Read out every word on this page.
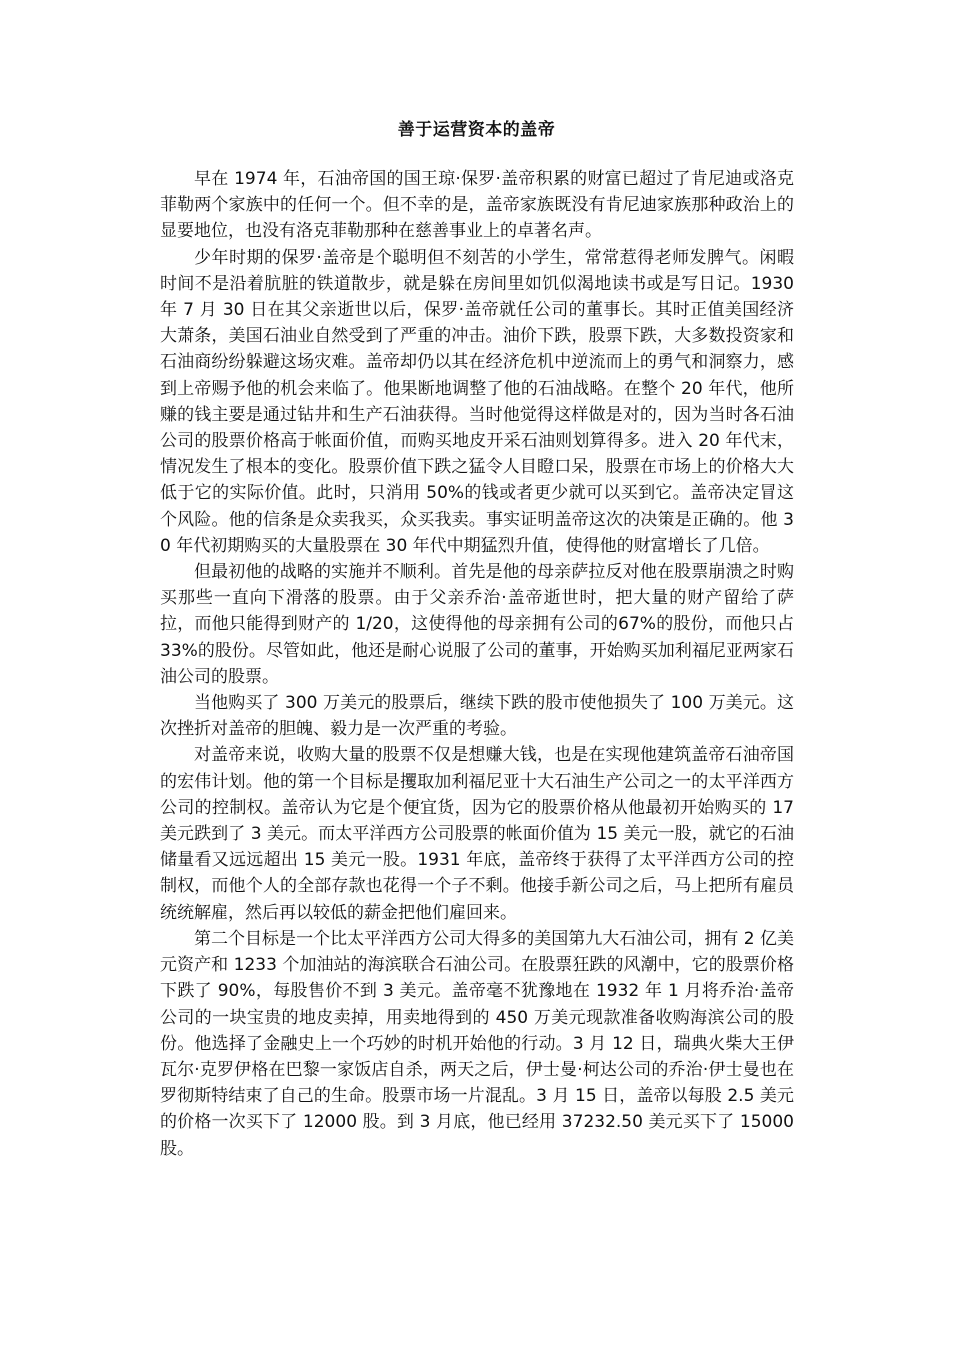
善于运营资本的盖帝

早在 1974 年，石油帝国的国王琼·保罗·盖帝积累的财富已超过了肯尼迪或洛克菲勒两个家族中的任何一个。但不幸的是，盖帝家族既没有肯尼迪家族那种政治上的显要地位，也没有洛克菲勒那种在慈善事业上的卓著名声。

少年时期的保罗·盖帝是个聪明但不刻苦的小学生，常常惹得老师发脾气。闲暇时间不是沿着肮脏的铁道散步，就是躲在房间里如饥似渴地读书或是写日记。1930 年 7 月 30 日在其父亲逝世以后，保罗·盖帝就任公司的董事长。其时正值美国经济大萧条，美国石油业自然受到了严重的冲击。油价下跌，股票下跌，大多数投资家和石油商纷纷躲避这场灾难。盖帝却仍以其在经济危机中逆流而上的勇气和洞察力，感到上帝赐予他的机会来临了。他果断地调整了他的石油战略。在整个 20 年代，他所赚的钱主要是通过钻井和生产石油获得。当时他觉得这样做是对的，因为当时各石油公司的股票价格高于帐面价值，而购买地皮开采石油则划算得多。进入 20 年代末，情况发生了根本的变化。股票价值下跌之猛令人目瞪口呆，股票在市场上的价格大大低于它的实际价值。此时，只消用 50%的钱或者更少就可以买到它。盖帝决定冒这个风险。他的信条是众卖我买，众买我卖。事实证明盖帝这次的决策是正确的。他 30 年代初期购买的大量股票在 30 年代中期猛烈升值，使得他的财富增长了几倍。

但最初他的战略的实施并不顺利。首先是他的母亲萨拉反对他在股票崩溃之时购买那些一直向下滑落的股票。由于父亲乔治·盖帝逝世时，把大量的财产留给了萨拉，而他只能得到财产的 1/20，这使得他的母亲拥有公司的67%的股份，而他只占 33%的股份。尽管如此，他还是耐心说服了公司的董事，开始购买加利福尼亚两家石油公司的股票。

当他购买了 300 万美元的股票后，继续下跌的股市使他损失了 100 万美元。这次挫折对盖帝的胆魄、毅力是一次严重的考验。

对盖帝来说，收购大量的股票不仅是想赚大钱，也是在实现他建筑盖帝石油帝国的宏伟计划。他的第一个目标是攫取加利福尼亚十大石油生产公司之一的太平洋西方公司的控制权。盖帝认为它是个便宜货，因为它的股票价格从他最初开始购买的 17 美元跌到了 3 美元。而太平洋西方公司股票的帐面价值为 15 美元一股，就它的石油储量看又远远超出 15 美元一股。1931 年底，盖帝终于获得了太平洋西方公司的控制权，而他个人的全部存款也花得一个子不剩。他接手新公司之后，马上把所有雇员统统解雇，然后再以较低的薪金把他们雇回来。

第二个目标是一个比太平洋西方公司大得多的美国第九大石油公司，拥有 2 亿美元资产和 1233 个加油站的海滨联合石油公司。在股票狂跌的风潮中，它的股票价格下跌了 90%，每股售价不到 3 美元。盖帝毫不犹豫地在 1932 年 1 月将乔治·盖帝公司的一块宝贵的地皮卖掉，用卖地得到的 450 万美元现款准备收购海滨公司的股份。他选择了金融史上一个巧妙的时机开始他的行动。3 月 12 日，瑞典火柴大王伊瓦尔·克罗伊格在巴黎一家饭店自杀，两天之后，伊士曼·柯达公司的乔治·伊士曼也在罗彻斯特结束了自己的生命。股票市场一片混乱。3 月 15 日，盖帝以每股 2.5 美元的价格一次买下了 12000 股。到 3 月底，他已经用 37232.50 美元买下了 15000 股。
